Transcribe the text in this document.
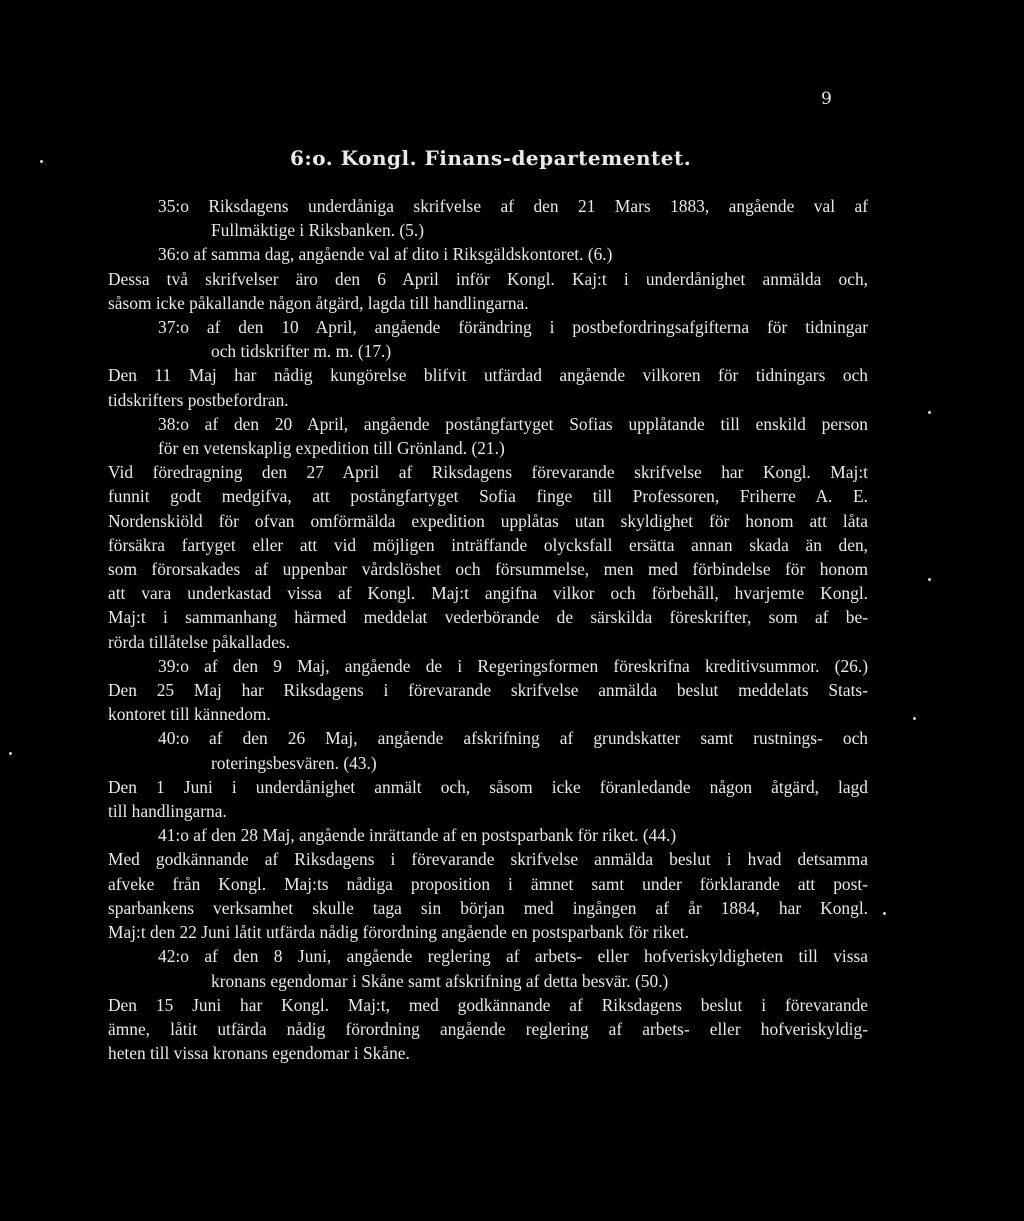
9
6:o. Kongl. Finans-departementet.
35:o Riksdagens underdåniga skrifvelse af den 21 Mars 1883, angående val af
Fullmäktige i Riksbanken. (5.)
36:o af samma dag, angående val af dito i Riksgäldskontoret. (6.)
Dessa två skrifvelser äro den 6 April inför Kongl. Kaj:t i underdånighet anmälda och,
såsom icke påkallande någon åtgärd, lagda till handlingarna.
37:o af den 10 April, angående förändring i postbefordringsafgifterna för tidningar
och tidskrifter m. m. (17.)
Den 11 Maj har nådig kungörelse blifvit utfärdad angående vilkoren för tidningars och
tidskrifters postbefordran.
38:o af den 20 April, angående postångfartyget Sofias upplåtande till enskild person
för en vetenskaplig expedition till Grönland. (21.)
Vid föredragning den 27 April af Riksdagens förevarande skrifvelse har Kongl. Maj:t
funnit godt medgifva, att postångfartyget Sofia finge till Professoren, Friherre A. E.
Nordenskiöld för ofvan omförmälda expedition upplåtas utan skyldighet för honom att låta
försäkra fartyget eller att vid möjligen inträffande olycksfall ersätta annan skada än den,
som förorsakades af uppenbar vårdslöshet och försummelse, men med förbindelse för honom
att vara underkastad vissa af Kongl. Maj:t angifna vilkor och förbehåll, hvarjemte Kongl.
Maj:t i sammanhang härmed meddelat vederbörande de särskilda föreskrifter, som af be-
rörda tillåtelse påkallades.
39:o af den 9 Maj, angående de i Regeringsformen föreskrifna kreditivsummor. (26.)
Den 25 Maj har Riksdagens i förevarande skrifvelse anmälda beslut meddelats Stats-
kontoret till kännedom.
40:o af den 26 Maj, angående afskrifning af grundskatter samt rustnings- och
roteringsbesvären. (43.)
Den 1 Juni i underdånighet anmält och, såsom icke föranledande någon åtgärd, lagd
till handlingarna.
41:o af den 28 Maj, angående inrättande af en postsparbank för riket. (44.)
Med godkännande af Riksdagens i förevarande skrifvelse anmälda beslut i hvad detsamma
afveke från Kongl. Maj:ts nådiga proposition i ämnet samt under förklarande att post-
sparbankens verksamhet skulle taga sin början med ingången af år 1884, har Kongl.
Maj:t den 22 Juni låtit utfärda nådig förordning angående en postsparbank för riket.
42:o af den 8 Juni, angående reglering af arbets- eller hofveriskyldigheten till vissa
kronans egendomar i Skåne samt afskrifning af detta besvär. (50.)
Den 15 Juni har Kongl. Maj:t, med godkännande af Riksdagens beslut i förevarande
ämne, låtit utfärda nådig förordning angående reglering af arbets- eller hofveriskyldig-
heten till vissa kronans egendomar i Skåne.
